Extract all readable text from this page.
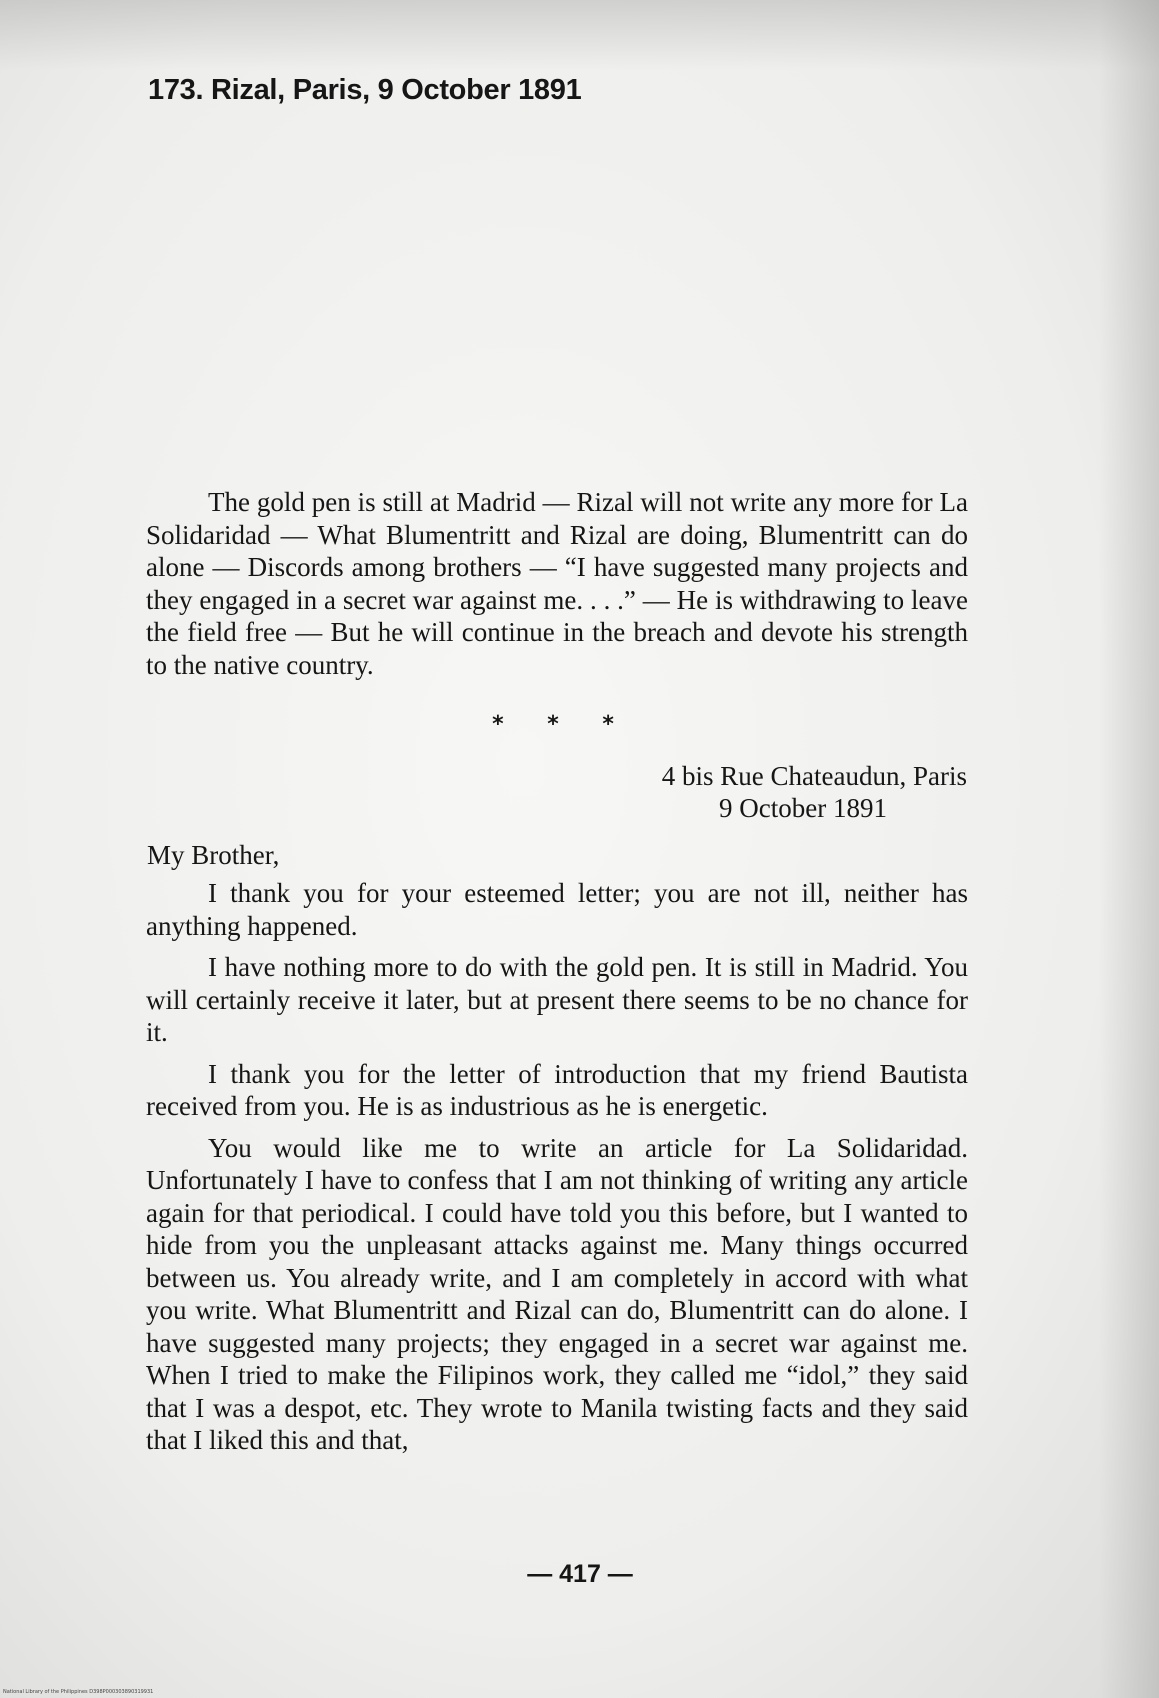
173. Rizal, Paris, 9 October 1891

The gold pen is still at Madrid — Rizal will not write any more for La Solidaridad — What Blumentritt and Rizal are doing, Blumentritt can do alone — Discords among brothers — “I have suggested many projects and they engaged in a secret war against me. . . .” — He is withdrawing to leave the field free — But he will continue in the breach and devote his strength to the native country.

* * *

4 bis Rue Chateaudun, Paris

9 October 1891

My Brother,

I thank you for your esteemed letter; you are not ill, neither has anything happened.

I have nothing more to do with the gold pen. It is still in Madrid. You will certainly receive it later, but at present there seems to be no chance for it.

I thank you for the letter of introduction that my friend Bautista received from you. He is as industrious as he is energetic.

You would like me to write an article for La Solidaridad. Unfortunately I have to confess that I am not thinking of writing any article again for that periodical. I could have told you this before, but I wanted to hide from you the unpleasant attacks against me. Many things occurred between us. You already write, and I am completely in accord with what you write. What Blumentritt and Rizal can do, Blumentritt can do alone. I have suggested many projects; they engaged in a secret war against me. When I tried to make the Filipinos work, they called me “idol,” they said that I was a despot, etc. They wrote to Manila twisting facts and they said that I liked this and that,

— 417 —

National Library of the Philippines D398P000303890319931
